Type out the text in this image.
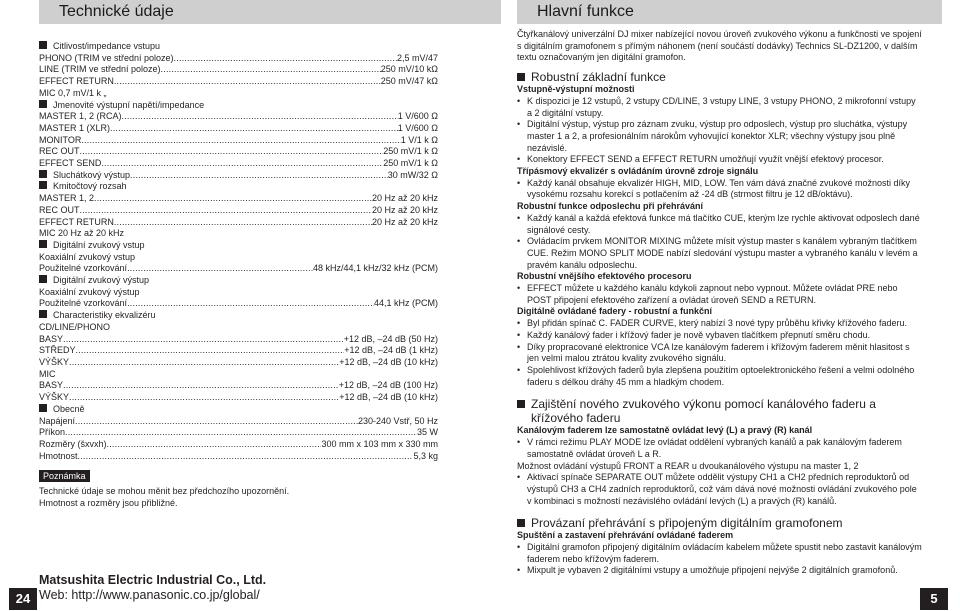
Technické údaje	Hlavní funkce
Citlivost/impedance vstupu
PHONO (TRIM ve střední poloze) .....	2,5 mV/47
LINE (TRIM ve střední poloze) .....	250 mV/10 kΩ
EFFECT RETURN .....	250 mV/47 kΩ
MIC 0,7 mV/1 k „
Jmenovité výstupní napětí/impedance
MASTER 1, 2 (RCA) .....	1 V/600 Ω
MASTER 1 (XLR) .....	1 V/600 Ω
MONITOR .....	1 V/1 k Ω
REC OUT .....	250 mV/1 k Ω
EFFECT SEND .....	250 mV/1 k Ω
Sluchátkový výstup .....	30 mW/32 Ω
Kmitočtový rozsah
MASTER 1, 2 .....	20 Hz až 20 kHz
REC OUT .....	20 Hz až 20 kHz
EFFECT RETURN .....	20 Hz až 20 kHz
MIC 20 Hz až 20 kHz
Digitální zvukový vstup
Koaxiální zvukový vstup
Použitelné vzorkování .....	48 kHz/44,1 kHz/32 kHz (PCM)
Digitální zvukový výstup
Koaxiální zvukový výstup
Použitelné vzorkování .....	44,1 kHz (PCM)
Characteristiky ekvalizéru
CD/LINE/PHONO
BASY .....	+12 dB, –24 dB (50 Hz)
STŘEDY .....	+12 dB, –24 dB (1 kHz)
VÝŠKY .....	+12 dB, –24 dB (10 kHz)
MIC
BASY .....	+12 dB, –24 dB (100 Hz)
VÝŠKY .....	+12 dB, –24 dB (10 kHz)
Obecně
Napájení .....	230-240 Vstř, 50 Hz
Příkon .....	35 W
Rozměry (šxvxh) .....	300 mm x 103 mm x 330 mm
Hmotnost .....	5,3 kg
Poznámka
Technické údaje se mohou měnit bez předchozího upozornění.
Hmotnost a rozměry jsou přibližné.
Čtyřkanálový univerzální DJ mixer nabízející novou úroveň zvukového výkonu a funkčnosti ve spojení s digitálním gramofonem s přímým náhonem (není součástí dodávky) Technics SL-DZ1200, v dalším textu označovaným jen digitální gramofon.
Robustní základní funkce
Vstupně-výstupní možnosti
• K dispozici je 12 vstupů, 2 vstupy CD/LINE, 3 vstupy LINE, 3 vstupy PHONO, 2 mikrofonní vstupy a 2 digitální vstupy.
• Digitální výstup, výstup pro záznam zvuku, výstup pro odposlech, výstup pro sluchátka, výstupy master 1 a 2, a profesionálním nárokům vyhovující konektor XLR; všechny výstupy jsou plně nezávislé.
• Konektory EFFECT SEND a EFFECT RETURN umožňují využít vnější efektový procesor.
Třípásmový ekvalizér s ovládáním úrovně zdroje signálu
• Každý kanál obsahuje ekvalizér HIGH, MID, LOW. Ten vám dává značné zvukové možnosti díky vysokému rozsahu korekcí s potlačením až -24 dB (strmost filtru je 12 dB/oktávu).
Robustní funkce odposlechu při přehrávání
• Každý kanál a každá efektová funkce má tlačítko CUE, kterým lze rychle aktivovat odposlech dané signálové cesty.
• Ovládacím prvkem MONITOR MIXING můžete mísit výstup master s kanálem vybraným tlačítkem CUE. Režim MONO SPLIT MODE nabízí sledování výstupu master a vybraného kanálu v levém a pravém kanálu odposlechu.
Robustní vnějšího efektového procesoru
• EFFECT můžete u každého kanálu kdykoli zapnout nebo vypnout. Můžete ovládat PRE nebo POST připojení efektového zařízení a ovládat úroveň SEND a RETURN.
Digitálně ovládané fadery - robustní a funkční
• Byl přidán spínač C. FADER CURVE, který nabízí 3 nové typy průběhu křivky křížového faderu.
• Každý kanálový fader i křížový fader je nově vybaven tlačítkem přepnutí směru chodu.
• Díky propracované elektronice VCA lze kanálovým faderem i křížovým faderem měnit hlasitost s jen velmi malou ztrátou kvality zvukového signálu.
• Spolehlivost křížových faderů byla zlepšena použitím optoelektronického řešení a velmi odolného faderu s délkou dráhy 45 mm a hladkým chodem.
Zajištění nového zvukového výkonu pomocí kanálového faderu a křížového faderu
Kanálovým faderem lze samostatně ovládat levý (L) a pravý (R) kanál
• V rámci režimu PLAY MODE lze ovládat oddělení vybraných kanálů a pak kanálovým faderem samostatně ovládat úroveň L a R.
Možnost ovládání výstupů FRONT a REAR u dvoukanálového výstupu na master 1, 2
• Aktivací spínače SEPARATE OUT můžete oddělit výstupy CH1 a CH2 předních reproduktorů od výstupů CH3 a CH4 zadních reproduktorů, což vám dává nové možnosti ovládání zvukového pole v kombinaci s možností nezávislého ovládání levých (L) a pravých (R) kanálů.
Provázaní přehrávání s připojeným digitálním gramofonem
Spuštění a zastavení přehrávání ovládané faderem
• Digitální gramofon připojený digitálním ovládacím kabelem můžete spustit nebo zastavit kanálovým faderem nebo křížovým faderem.
• Mixpult je vybaven 2 digitálními vstupy a umožňuje připojení nejvýše 2 digitálních gramofonů.
Matsushita Electric Industrial Co., Ltd.
Web: http://www.panasonic.co.jp/global/
24	5
